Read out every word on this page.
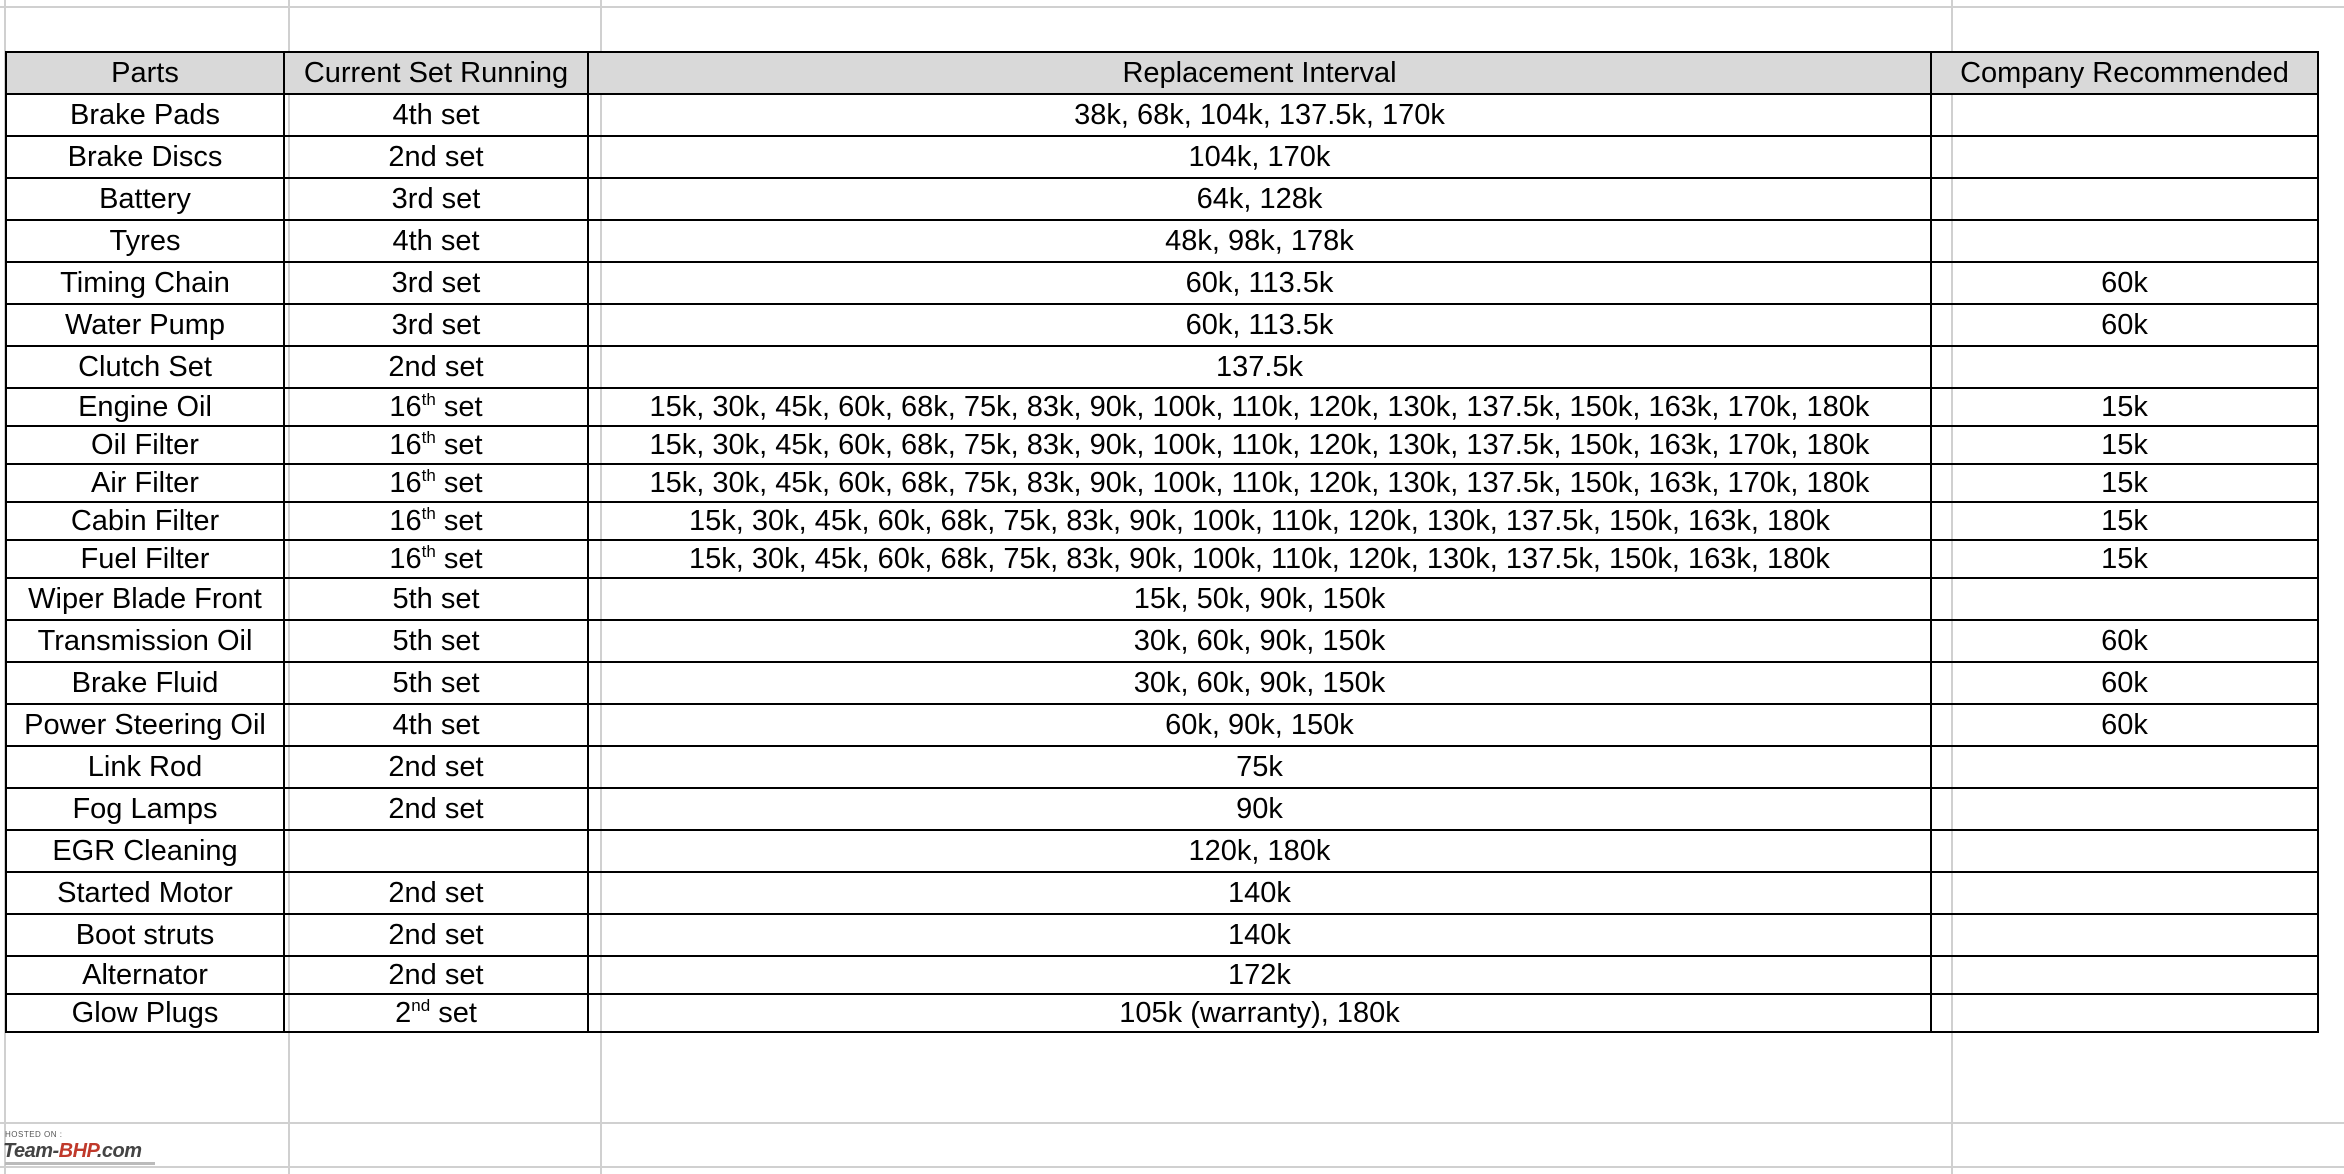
Parts	Current Set Running	Replacement Interval	Company Recommended
Brake Pads	4th set	38k, 68k, 104k, 137.5k, 170k	
Brake Discs	2nd set	104k, 170k	
Battery	3rd set	64k, 128k	
Tyres	4th set	48k, 98k, 178k	
Timing Chain	3rd set	60k, 113.5k	60k
Water Pump	3rd set	60k, 113.5k	60k
Clutch Set	2nd set	137.5k	
Engine Oil	16th set	15k, 30k, 45k, 60k, 68k, 75k, 83k, 90k, 100k, 110k, 120k, 130k, 137.5k, 150k, 163k, 170k, 180k	15k
Oil Filter	16th set	15k, 30k, 45k, 60k, 68k, 75k, 83k, 90k, 100k, 110k, 120k, 130k, 137.5k, 150k, 163k, 170k, 180k	15k
Air Filter	16th set	15k, 30k, 45k, 60k, 68k, 75k, 83k, 90k, 100k, 110k, 120k, 130k, 137.5k, 150k, 163k, 170k, 180k	15k
Cabin Filter	16th set	15k, 30k, 45k, 60k, 68k, 75k, 83k, 90k, 100k, 110k, 120k, 130k, 137.5k, 150k, 163k, 180k	15k
Fuel Filter	16th set	15k, 30k, 45k, 60k, 68k, 75k, 83k, 90k, 100k, 110k, 120k, 130k, 137.5k, 150k, 163k, 180k	15k
Wiper Blade Front	5th set	15k, 50k, 90k, 150k	
Transmission Oil	5th set	30k, 60k, 90k, 150k	60k
Brake Fluid	5th set	30k, 60k, 90k, 150k	60k
Power Steering Oil	4th set	60k, 90k, 150k	60k
Link Rod	2nd set	75k	
Fog Lamps	2nd set	90k	
EGR Cleaning		120k, 180k	
Started Motor	2nd set	140k	
Boot struts	2nd set	140k	
Alternator	2nd set	172k	
Glow Plugs	2nd set	105k (warranty), 180k	
HOSTED ON :
Team-BHP.com
